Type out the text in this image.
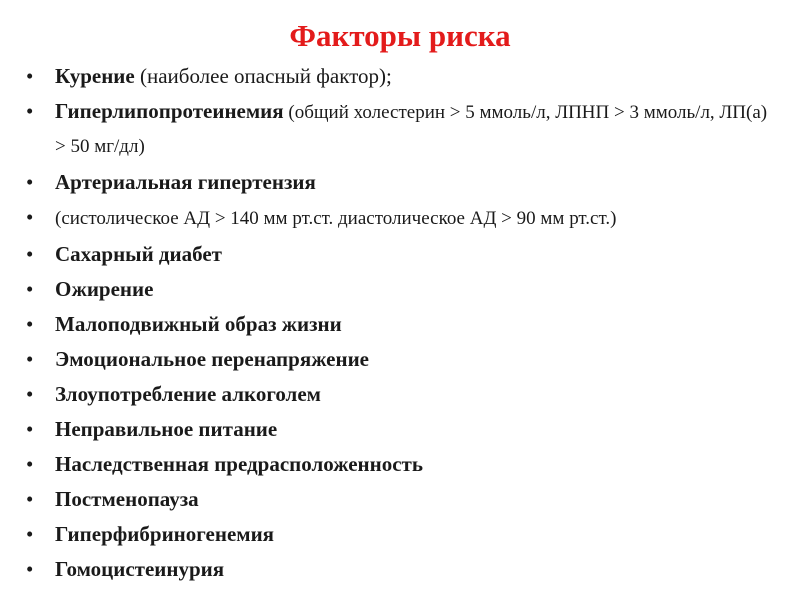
Факторы риска
• Курение (наиболее опасный фактор);
• Гиперлипопротеинемия (общий холестерин > 5 ммоль/л, ЛПНП > 3 ммоль/л, ЛП(а) > 50 мг/дл)
• Артериальная гипертензия
• (систолическое АД > 140 мм рт.ст. диастолическое АД > 90 мм рт.ст.)
• Сахарный диабет
• Ожирение
• Малоподвижный образ жизни
• Эмоциональное перенапряжение
• Злоупотребление алкоголем
• Неправильное питание
• Наследственная предрасположенность
• Постменопауза
• Гиперфибриногенемия
• Гомоцистеинурия
